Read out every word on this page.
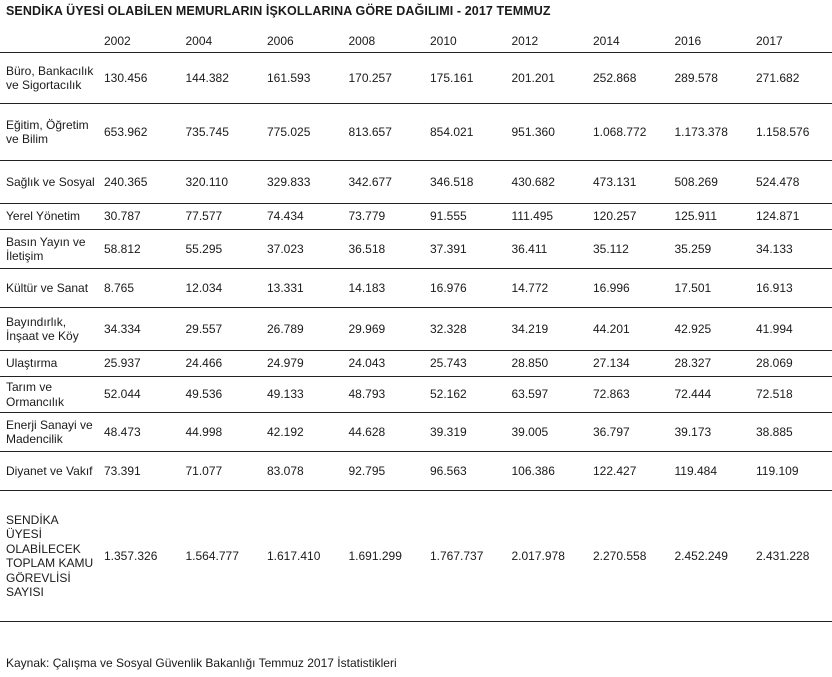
SENDİKA ÜYESİ OLABİLEN MEMURLARIN İŞKOLLARINA GÖRE DAĞILIMI - 2017 TEMMUZ
	2002	2004	2006	2008	2010	2012	2014	2016	2017
Büro, Bankacılık ve Sigortacılık	130.456	144.382	161.593	170.257	175.161	201.201	252.868	289.578	271.682
Eğitim, Öğretim ve Bilim	653.962	735.745	775.025	813.657	854.021	951.360	1.068.772	1.173.378	1.158.576
Sağlık ve Sosyal	240.365	320.110	329.833	342.677	346.518	430.682	473.131	508.269	524.478
Yerel Yönetim	30.787	77.577	74.434	73.779	91.555	111.495	120.257	125.911	124.871
Basın Yayın ve İletişim	58.812	55.295	37.023	36.518	37.391	36.411	35.112	35.259	34.133
Kültür ve Sanat	8.765	12.034	13.331	14.183	16.976	14.772	16.996	17.501	16.913
Bayındırlık, İnşaat ve Köy	34.334	29.557	26.789	29.969	32.328	34.219	44.201	42.925	41.994
Ulaştırma	25.937	24.466	24.979	24.043	25.743	28.850	27.134	28.327	28.069
Tarım ve Ormancılık	52.044	49.536	49.133	48.793	52.162	63.597	72.863	72.444	72.518
Enerji Sanayi ve Madencilik	48.473	44.998	42.192	44.628	39.319	39.005	36.797	39.173	38.885
Diyanet ve Vakıf	73.391	71.077	83.078	92.795	96.563	106.386	122.427	119.484	119.109
SENDİKA ÜYESİ OLABİLECEK TOPLAM KAMU GÖREVLİSİ SAYISI	1.357.326	1.564.777	1.617.410	1.691.299	1.767.737	2.017.978	2.270.558	2.452.249	2.431.228
Kaynak: Çalışma ve Sosyal Güvenlik Bakanlığı Temmuz 2017 İstatistikleri
